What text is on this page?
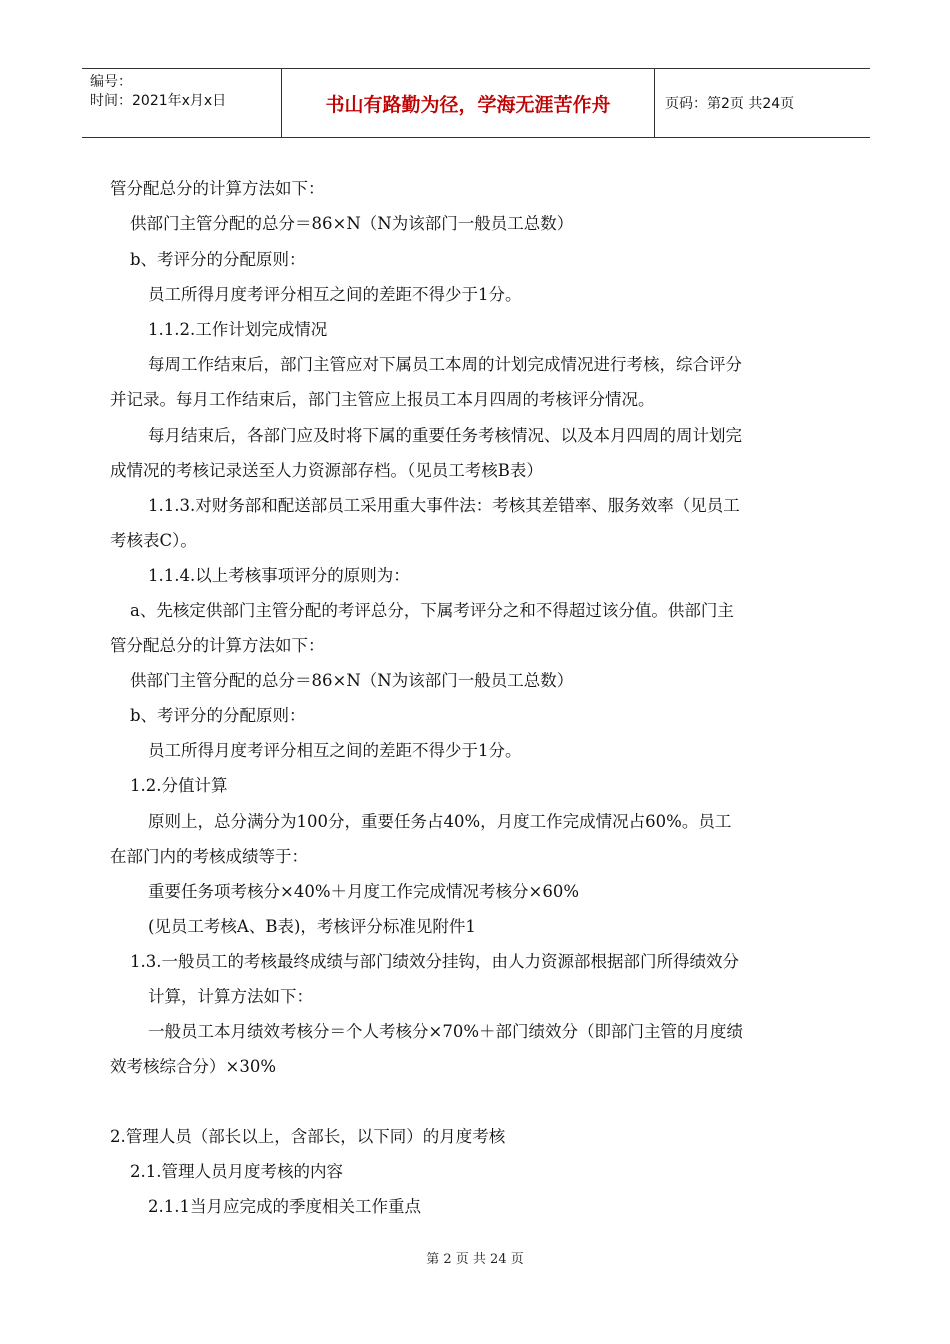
编号：
时间：2021年x月x日	书山有路勤为径，学海无涯苦作舟	页码：第2页 共24页
管分配总分的计算方法如下：
供部门主管分配的总分＝86×N（N为该部门一般员工总数）
b、考评分的分配原则：
员工所得月度考评分相互之间的差距不得少于1分。
1.1.2.工作计划完成情况
每周工作结束后，部门主管应对下属员工本周的计划完成情况进行考核，综合评分
并记录。每月工作结束后，部门主管应上报员工本月四周的考核评分情况。
每月结束后，各部门应及时将下属的重要任务考核情况、以及本月四周的周计划完
成情况的考核记录送至人力资源部存档。（见员工考核B表）
1.1.3.对财务部和配送部员工采用重大事件法：考核其差错率、服务效率（见员工
考核表C）。
1.1.4.以上考核事项评分的原则为：
a、先核定供部门主管分配的考评总分，下属考评分之和不得超过该分值。供部门主
管分配总分的计算方法如下：
供部门主管分配的总分＝86×N（N为该部门一般员工总数）
b、考评分的分配原则：
员工所得月度考评分相互之间的差距不得少于1分。
1.2.分值计算
原则上，总分满分为100分，重要任务占40%，月度工作完成情况占60%。员工
在部门内的考核成绩等于：
重要任务项考核分×40%＋月度工作完成情况考核分×60%
(见员工考核A、B表)，考核评分标准见附件1
1.3.一般员工的考核最终成绩与部门绩效分挂钩，由人力资源部根据部门所得绩效分
计算，计算方法如下：
一般员工本月绩效考核分＝个人考核分×70%＋部门绩效分（即部门主管的月度绩
效考核综合分）×30%
2.管理人员（部长以上，含部长，以下同）的月度考核
2.1.管理人员月度考核的内容
2.1.1当月应完成的季度相关工作重点
第 2 页 共 24 页
